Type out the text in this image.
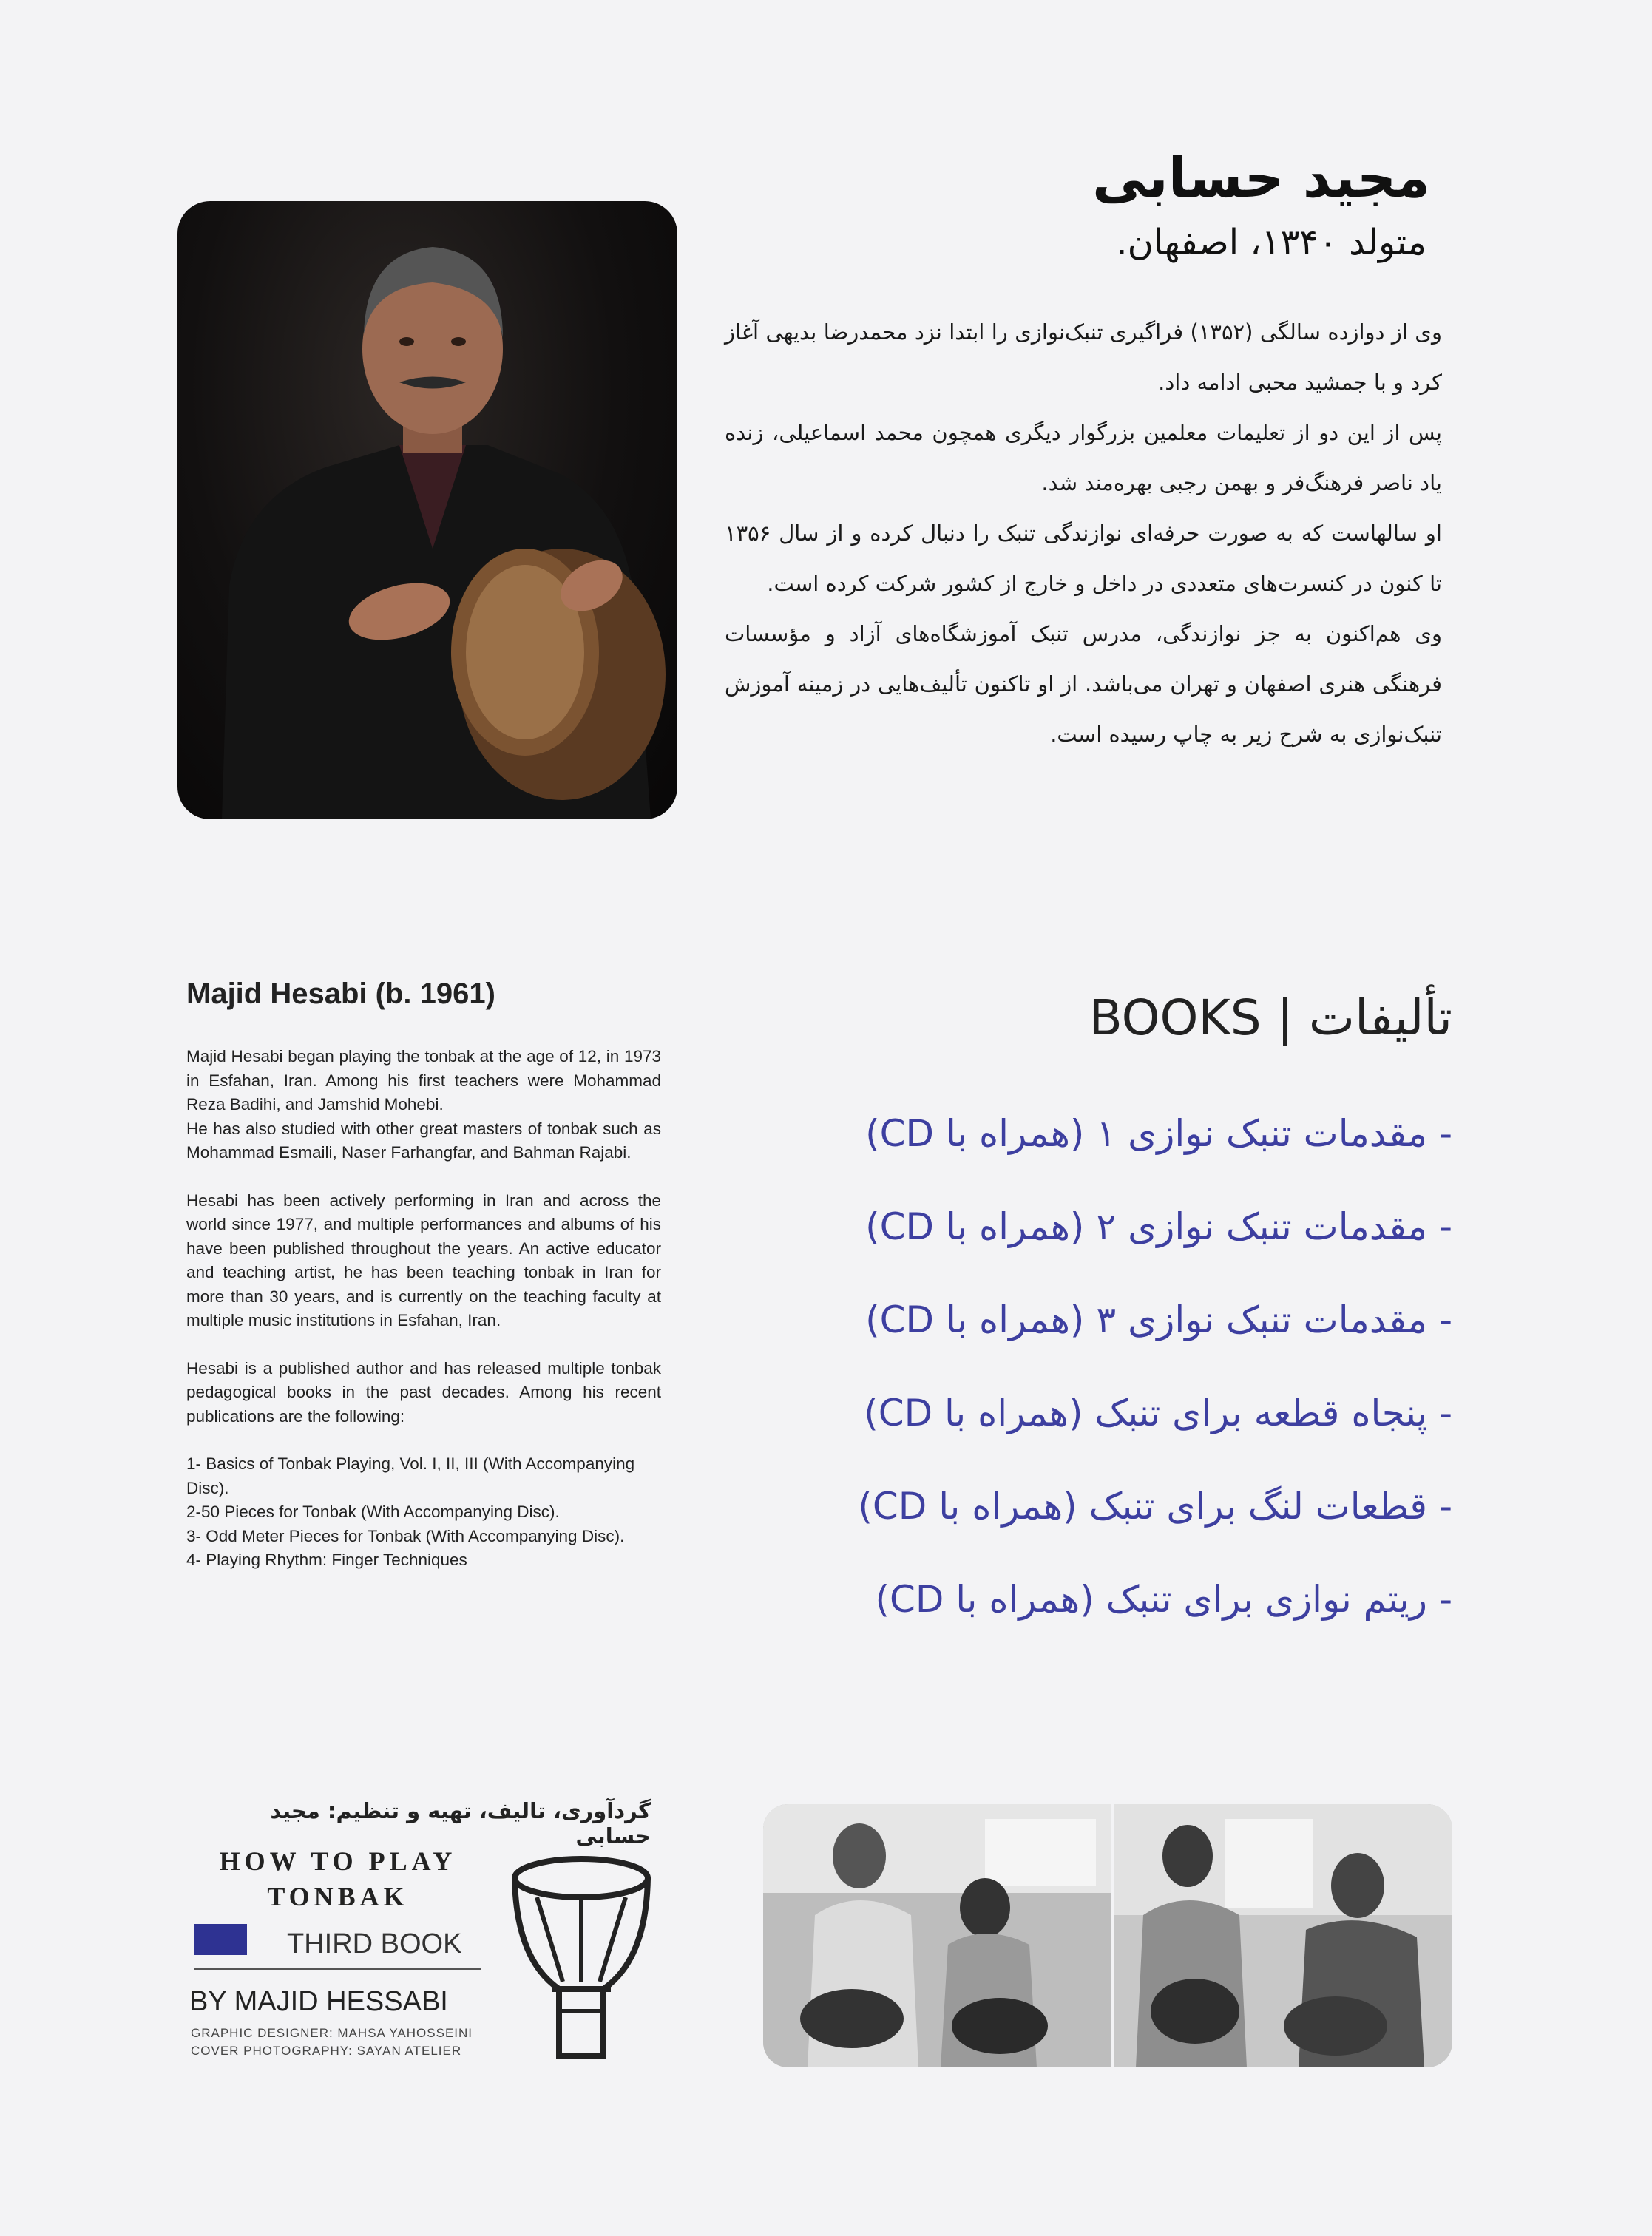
مجید حسابی
متولد ۱۳۴۰، اصفهان.

وی از دوازده سالگی (۱۳۵۲) فراگیری تنبک‌نوازی را ابتدا نزد محمدرضا بدیهی آغاز کرد و با جمشید محبی ادامه داد.

پس از این دو از تعلیمات معلمین بزرگوار دیگری همچون محمد اسماعیلی، زنده یاد ناصر فرهنگ‌فر و بهمن رجبی بهره‌مند شد.

او سالهاست که به صورت حرفه‌ای نوازندگی تنبک را دنبال کرده و از سال ۱۳۵۶ تا کنون در کنسرت‌های متعددی در داخل و خارج از کشور شرکت کرده است.

وی هم‌اکنون به جز نوازندگی، مدرس تنبک آموزشگاه‌های آزاد و مؤسسات فرهنگی هنری اصفهان و تهران می‌باشد. از او تاکنون تألیف‌هایی در زمینه آموزش تنبک‌نوازی به شرح زیر به چاپ رسیده است.

Majid Hesabi (b. 1961)

Majid Hesabi began playing the tonbak at the age of 12, in 1973 in Esfahan, Iran. Among his first teachers were Mohammad Reza Badihi, and Jamshid Mohebi.

He has also studied with other great masters of tonbak such as Mohammad Esmaili, Naser Farhangfar, and Bahman Rajabi.

Hesabi has been actively performing in Iran and across the world since 1977, and multiple performances and albums of his have been published throughout the years. An active educator and teaching artist, he has been teaching tonbak in Iran for more than 30 years, and is currently on the teaching faculty at multiple music institutions in Esfahan, Iran.

Hesabi is a published author and has released multiple tonbak pedagogical books in the past decades. Among his recent publications are the following:

1- Basics of Tonbak Playing, Vol. I, II, III (With Accompanying Disc).
2-50 Pieces for Tonbak (With Accompanying Disc).
3- Odd Meter Pieces for Tonbak (With Accompanying Disc).
4- Playing Rhythm: Finger Techniques
BOOKS | تألیفات
- مقدمات تنبک نوازی ۱ (همراه با CD)
- مقدمات تنبک نوازی ۲ (همراه با CD)
- مقدمات تنبک نوازی ۳ (همراه با CD)
- پنجاه قطعه برای تنبک (همراه با CD)
- قطعات لنگ برای تنبک (همراه با CD)
- ریتم نوازی برای تنبک (همراه با CD)
گردآوری، تالیف، تهیه و تنظیم: مجید حسابی
HOW TO PLAY
TONBAK
THIRD BOOK
BY MAJID HESSABI
GRAPHIC DESIGNER: MAHSA YAHOSSEINI
COVER PHOTOGRAPHY: SAYAN ATELIER
